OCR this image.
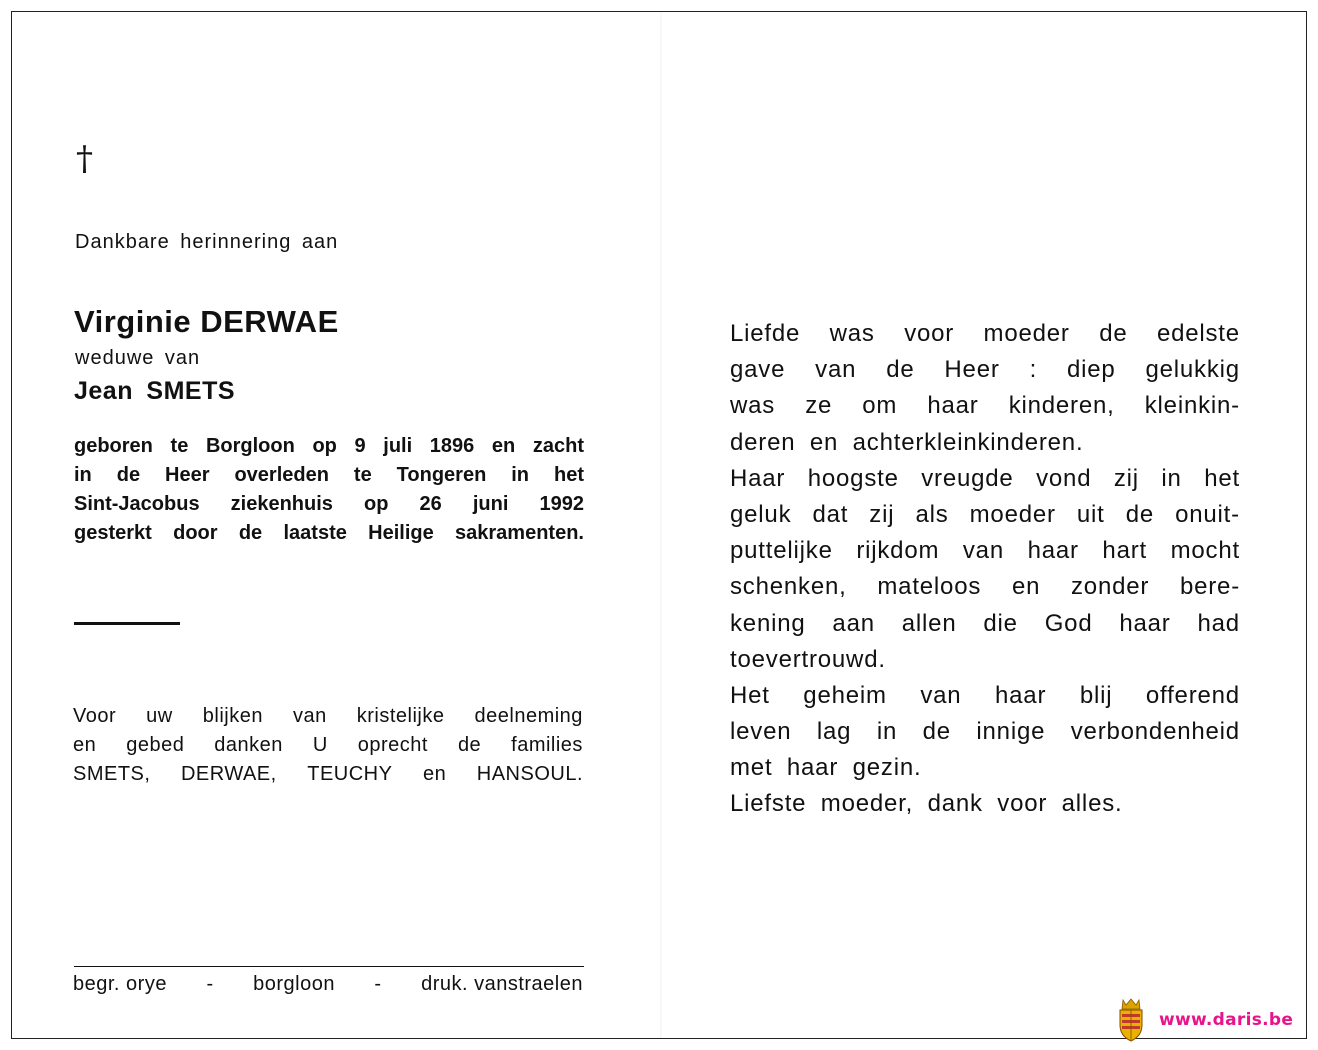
†
Dankbare herinnering aan
Virginie DERWAE
weduwe van
Jean SMETS
geboren te Borgloon op 9 juli 1896 en zacht
in de Heer overleden te Tongeren in het
Sint-Jacobus ziekenhuis op 26 juni 1992
gesterkt door de laatste Heilige sakramenten.
Voor uw blijken van kristelijke deelneming
en gebed danken U oprecht de families
SMETS, DERWAE, TEUCHY en HANSOUL.
begr. orye - borgloon - druk. vanstraelen
Liefde was voor moeder de edelste
gave van de Heer : diep gelukkig
was ze om haar kinderen, kleinkin-
deren en achterkleinkinderen.
Haar hoogste vreugde vond zij in het
geluk dat zij als moeder uit de onuit-
puttelijke rijkdom van haar hart mocht
schenken, mateloos en zonder bere-
kening aan allen die God haar had
toevertrouwd.
Het geheim van haar blij offerend
leven lag in de innige verbondenheid
met haar gezin.
Liefste moeder, dank voor alles.
www.daris.be
